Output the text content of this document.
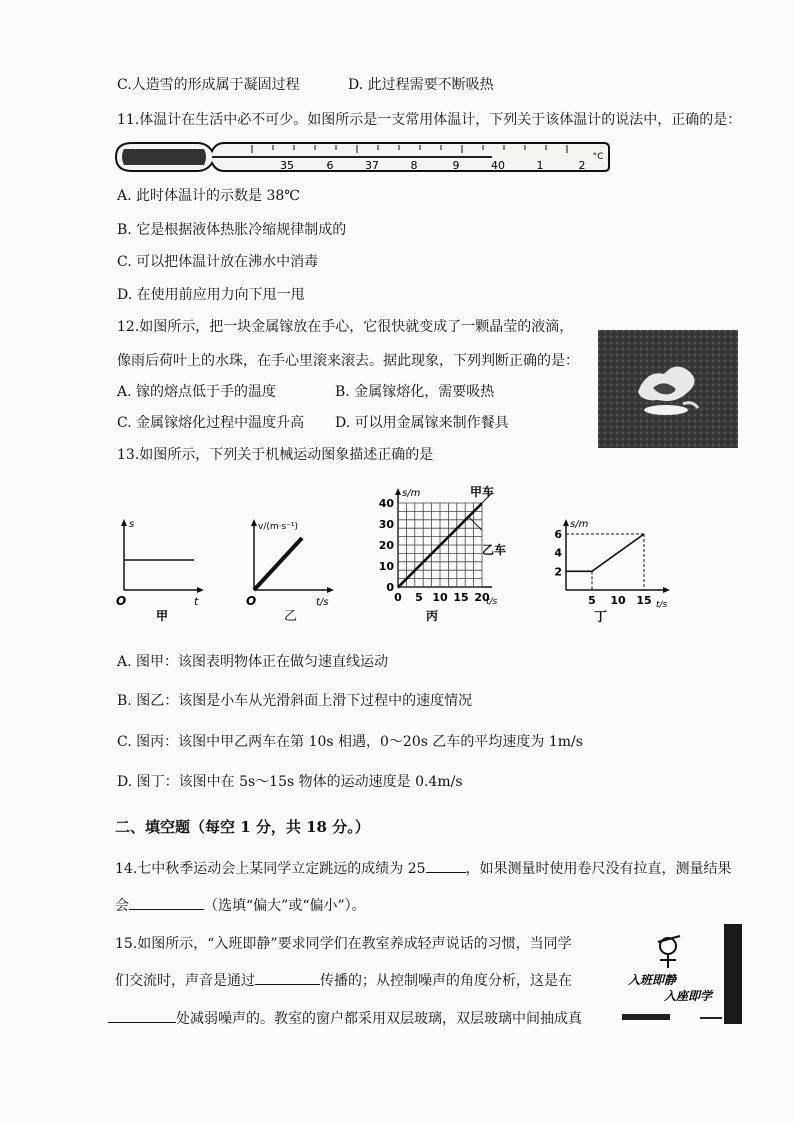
C.人造雪的形成属于凝固过程	D. 此过程需要不断吸热
11.体温计在生活中必不可少。如图所示是一支常用体温计，下列关于该体温计的说法中，正确的是：
35	6	37	8	9	40	1	2
°C
A. 此时体温计的示数是 38℃
B. 它是根据液体热胀冷缩规律制成的
C. 可以把体温计放在沸水中消毒
D. 在使用前应用力向下甩一甩
12.如图所示，把一块金属镓放在手心，它很快就变成了一颗晶莹的液滴，
像雨后荷叶上的水珠，在手心里滚来滚去。据此现象，下列判断正确的是：
A. 镓的熔点低于手的温度	B. 金属镓熔化，需要吸热
C. 金属镓熔化过程中温度升高 D. 可以用金属镓来制作餐具
13.如图所示，下列关于机械运动图象描述正确的是
s
t
O
甲
v/(m·s⁻¹)
t/s
O
乙
s/m
t/s
甲车
乙车
丙
0 5 10 15 20
0
10
20
30
40
s/m
t/s
丁
5 10 15
2
4
6
A. 图甲：该图表明物体正在做匀速直线运动
B. 图乙：该图是小车从光滑斜面上滑下过程中的速度情况
C. 图丙：该图中甲乙两车在第 10s 相遇，0～20s 乙车的平均速度为 1m/s
D. 图丁：该图中在 5s～15s 物体的运动速度是 0.4m/s
二、填空题（每空 1 分，共 18 分。）
14.七中秋季运动会上某同学立定跳远的成绩为 25	，如果测量时使用卷尺没有拉直，测量结果
会	（选填“偏大”或“偏小”）。
15.如图所示，“入班即静”要求同学们在教室养成轻声说话的习惯，当同学
们交流时，声音是通过	传播的；从控制噪声的角度分析，这是在
处减弱噪声的。教室的窗户都采用双层玻璃，双层玻璃中间抽成真
入班即静
入座即学
